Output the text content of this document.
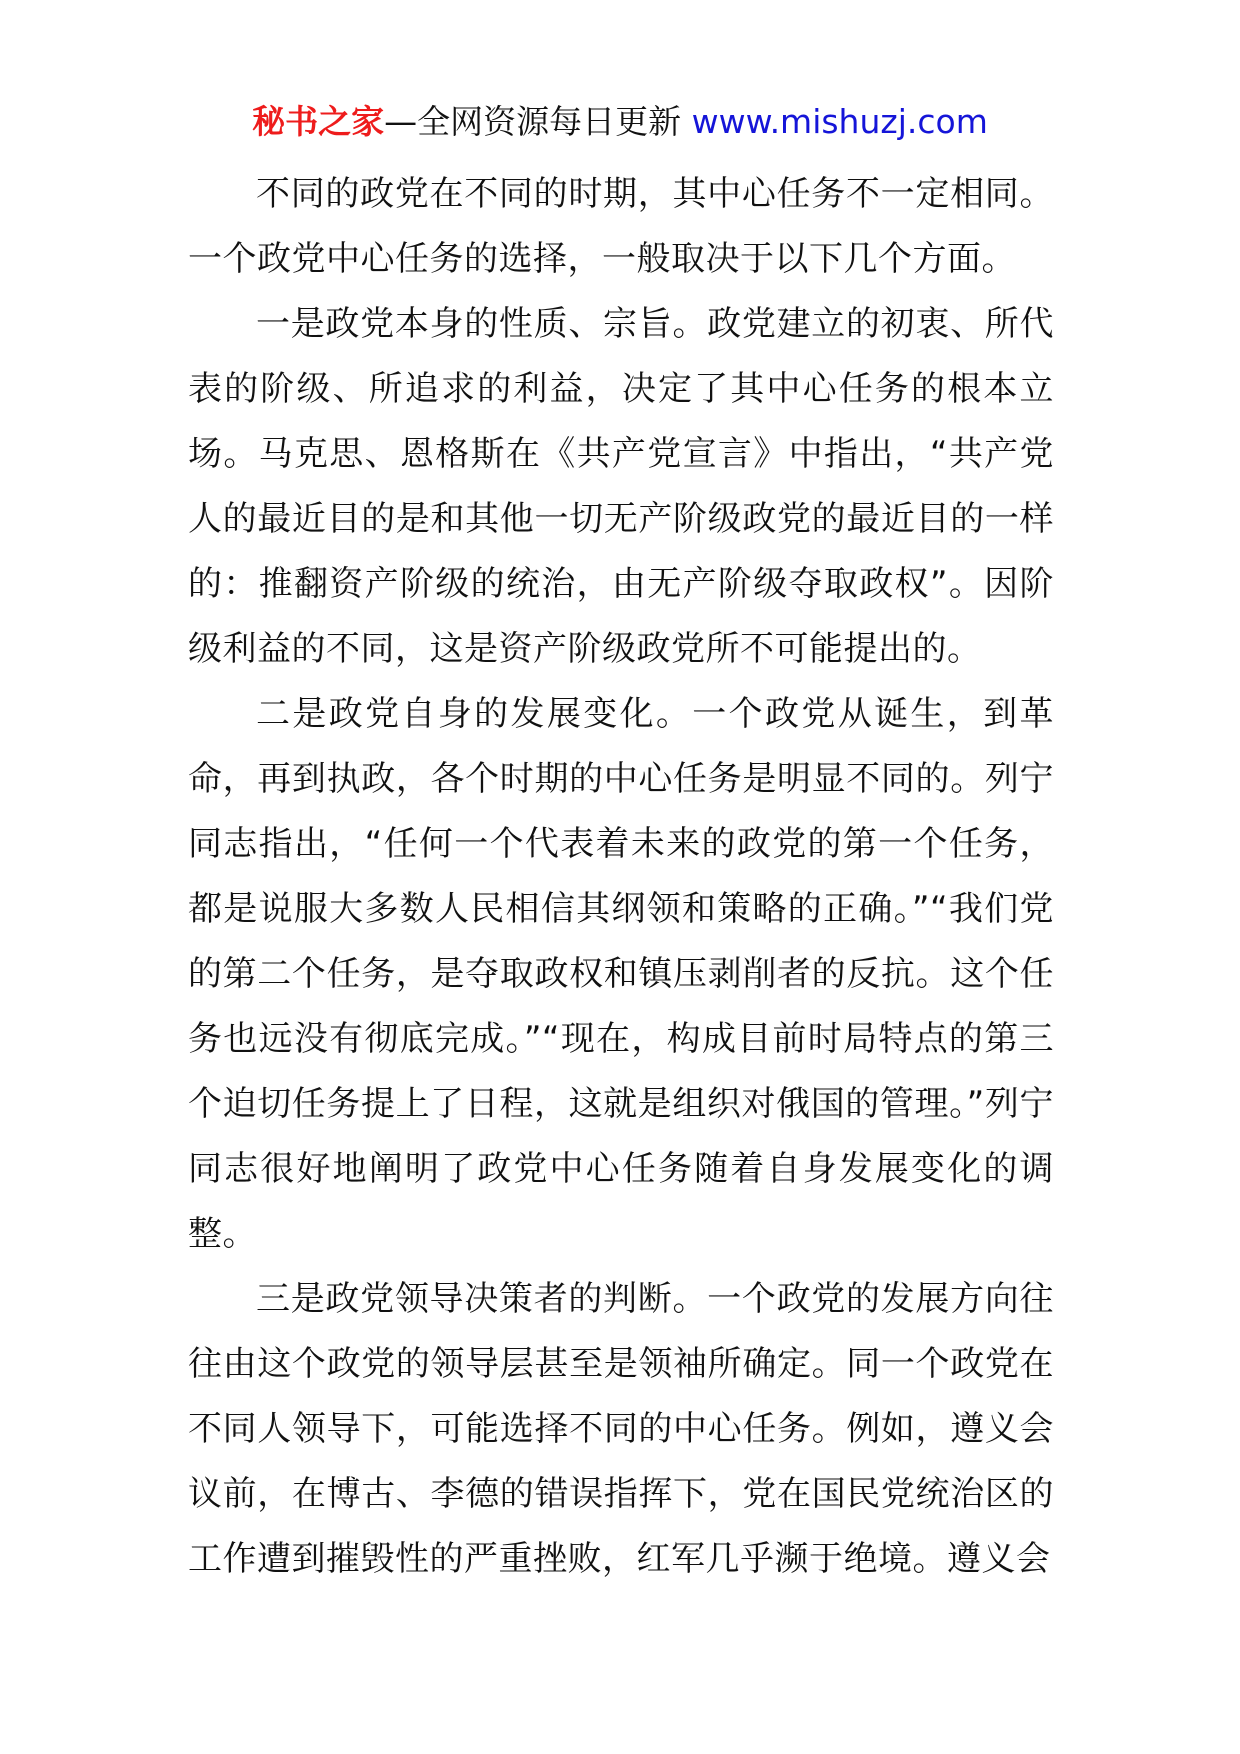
秘书之家—全网资源每日更新 www.mishuzj.com

不同的政党在不同的时期，其中心任务不一定相同。一个政党中心任务的选择，一般取决于以下几个方面。

一是政党本身的性质、宗旨。政党建立的初衷、所代表的阶级、所追求的利益，决定了其中心任务的根本立场。马克思、恩格斯在《共产党宣言》中指出，“共产党人的最近目的是和其他一切无产阶级政党的最近目的一样的：推翻资产阶级的统治，由无产阶级夺取政权”。因阶级利益的不同，这是资产阶级政党所不可能提出的。

二是政党自身的发展变化。一个政党从诞生，到革命，再到执政，各个时期的中心任务是明显不同的。列宁同志指出，“任何一个代表着未来的政党的第一个任务，都是说服大多数人民相信其纲领和策略的正确。”“我们党的第二个任务，是夺取政权和镇压剥削者的反抗。这个任务也远没有彻底完成。”“现在，构成目前时局特点的第三个迫切任务提上了日程，这就是组织对俄国的管理。”列宁同志很好地阐明了政党中心任务随着自身发展变化的调整。

三是政党领导决策者的判断。一个政党的发展方向往往由这个政党的领导层甚至是领袖所确定。同一个政党在不同人领导下，可能选择不同的中心任务。例如，遵义会议前，在博古、李德的错误指挥下，党在国民党统治区的工作遭到摧毁性的严重挫败，红军几乎濒于绝境。遵义会
